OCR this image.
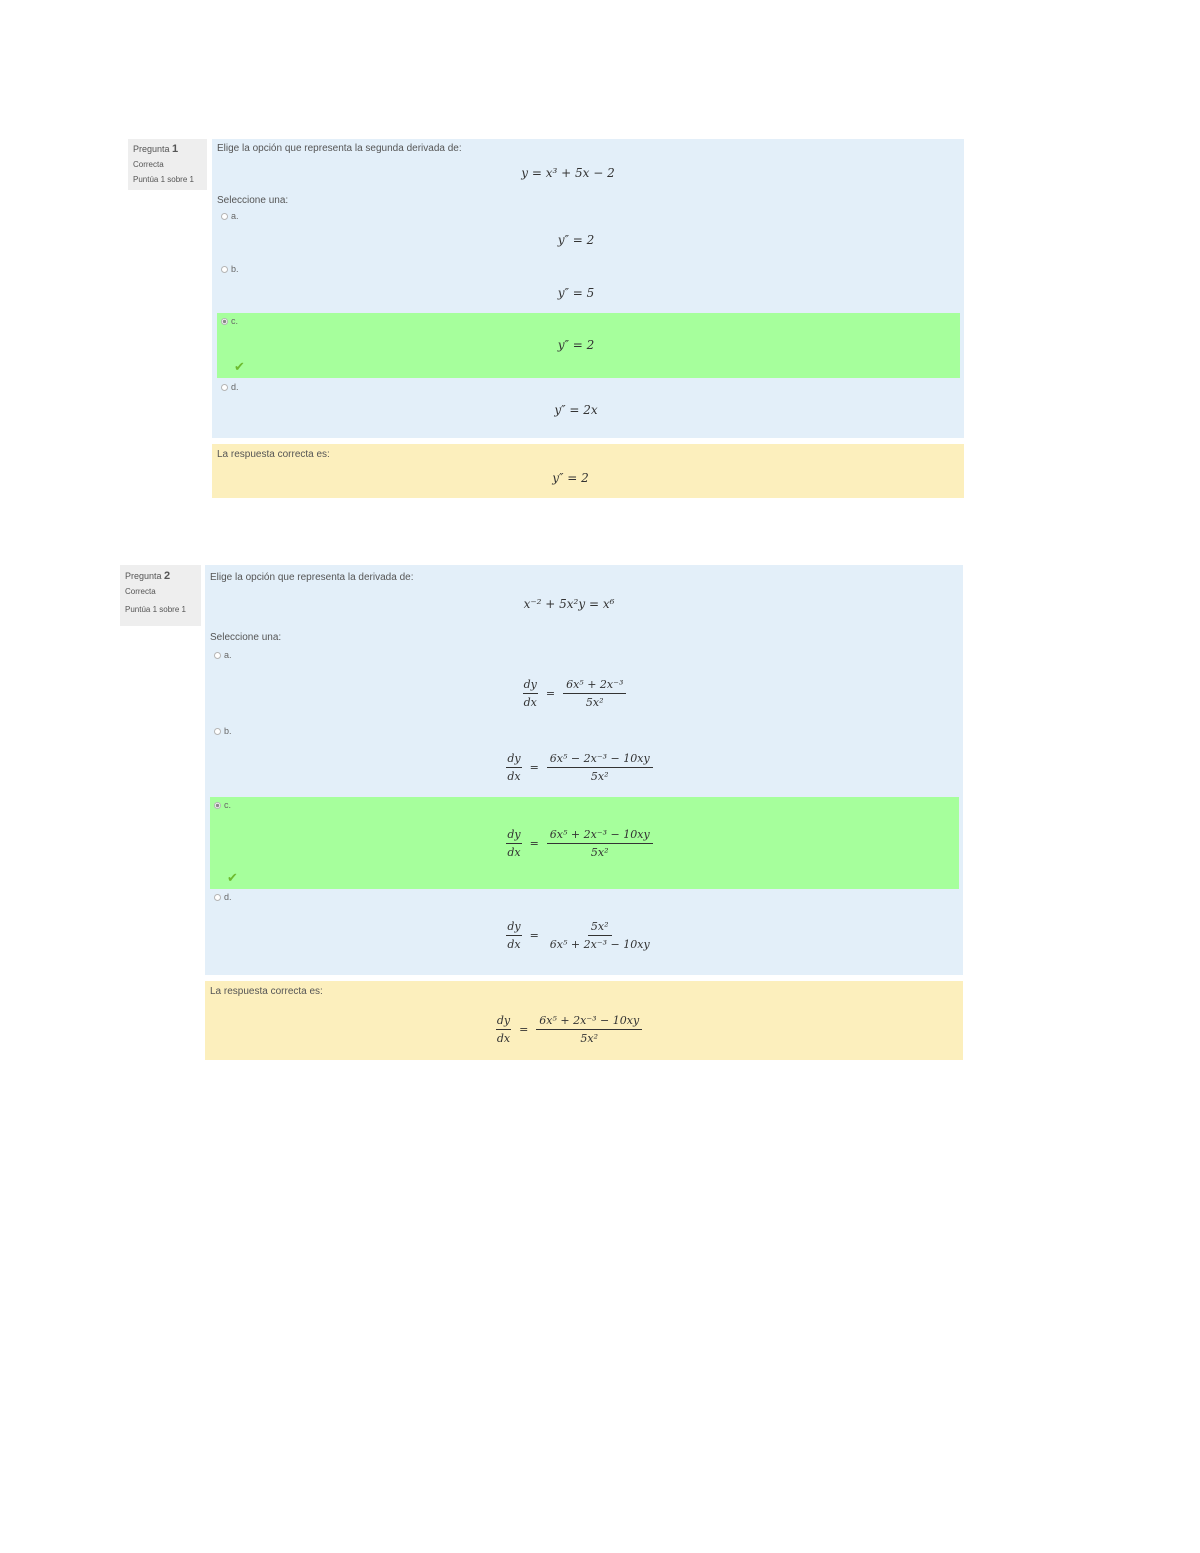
Pregunta 1
Correcta
Puntúa 1 sobre 1
Elige la opción que representa la segunda derivada de:
y = x³ + 5x − 2
Seleccione una:
a.
y″ = 2
b.
y″ = 5
c.
y″ = 2
✔
d.
y″ = 2x
La respuesta correcta es:
y″ = 2
Pregunta 2
Correcta
Puntúa 1 sobre 1
Elige la opción que representa la derivada de:
x⁻² + 5x²y = x⁶
Seleccione una:
a.
$\frac{dy}{dx} = \frac{\text{6x⁵ + 2x⁻³}}{\text{5x²}}$
b.
$\frac{dy}{dx} = \frac{\text{6x⁵ − 2x⁻³ − 10xy}}{\text{5x²}}$
c.
$\frac{dy}{dx} = \frac{\text{6x⁵ + 2x⁻³ − 10xy}}{\text{5x²}}$
✔
d.
$\frac{dy}{dx} = \frac{\text{5x²}}{\text{6x⁵ + 2x⁻³ − 10xy}}$
La respuesta correcta es:
$\frac{dy}{dx} = \frac{\text{6x⁵ + 2x⁻³ − 10xy}}{\text{5x²}}$
